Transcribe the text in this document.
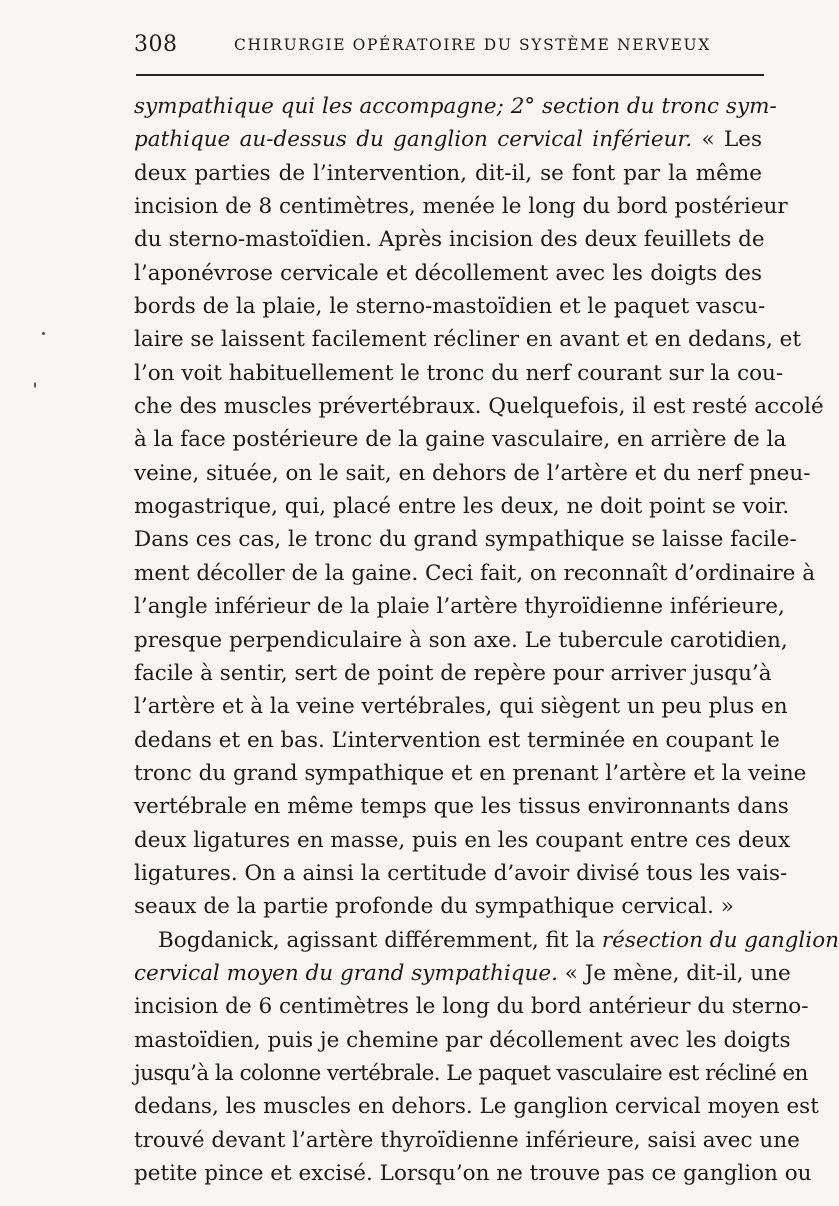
308	CHIRURGIE OPÉRATOIRE DU SYSTÈME NERVEUX

sympathique qui les accompagne; 2° section du tronc sym-
pathique au-dessus du ganglion cervical inférieur. « Les
deux parties de l’intervention, dit-il, se font par la même
incision de 8 centimètres, menée le long du bord postérieur
du sterno-mastoïdien. Après incision des deux feuillets de
l’aponévrose cervicale et décollement avec les doigts des
bords de la plaie, le sterno-mastoïdien et le paquet vascu-
laire se laissent facilement récliner en avant et en dedans, et
l’on voit habituellement le tronc du nerf courant sur la cou-
che des muscles prévertébraux. Quelquefois, il est resté accolé
à la face postérieure de la gaine vasculaire, en arrière de la
veine, située, on le sait, en dehors de l’artère et du nerf pneu-
mogastrique, qui, placé entre les deux, ne doit point se voir.
Dans ces cas, le tronc du grand sympathique se laisse facile-
ment décoller de la gaine. Ceci fait, on reconnaît d’ordinaire à
l’angle inférieur de la plaie l’artère thyroïdienne inférieure,
presque perpendiculaire à son axe. Le tubercule carotidien,
facile à sentir, sert de point de repère pour arriver jusqu’à
l’artère et à la veine vertébrales, qui siègent un peu plus en
dedans et en bas. L’intervention est terminée en coupant le
tronc du grand sympathique et en prenant l’artère et la veine
vertébrale en même temps que les tissus environnants dans
deux ligatures en masse, puis en les coupant entre ces deux
ligatures. On a ainsi la certitude d’avoir divisé tous les vais-
seaux de la partie profonde du sympathique cervical. »

Bogdanick, agissant différemment, fit la résection du ganglion
cervical moyen du grand sympathique. « Je mène, dit-il, une
incision de 6 centimètres le long du bord antérieur du sterno-
mastoïdien, puis je chemine par décollement avec les doigts
jusqu’à la colonne vertébrale. Le paquet vasculaire est récliné en
dedans, les muscles en dehors. Le ganglion cervical moyen est
trouvé devant l’artère thyroïdienne inférieure, saisi avec une
petite pince et excisé. Lorsqu’on ne trouve pas ce ganglion ou
